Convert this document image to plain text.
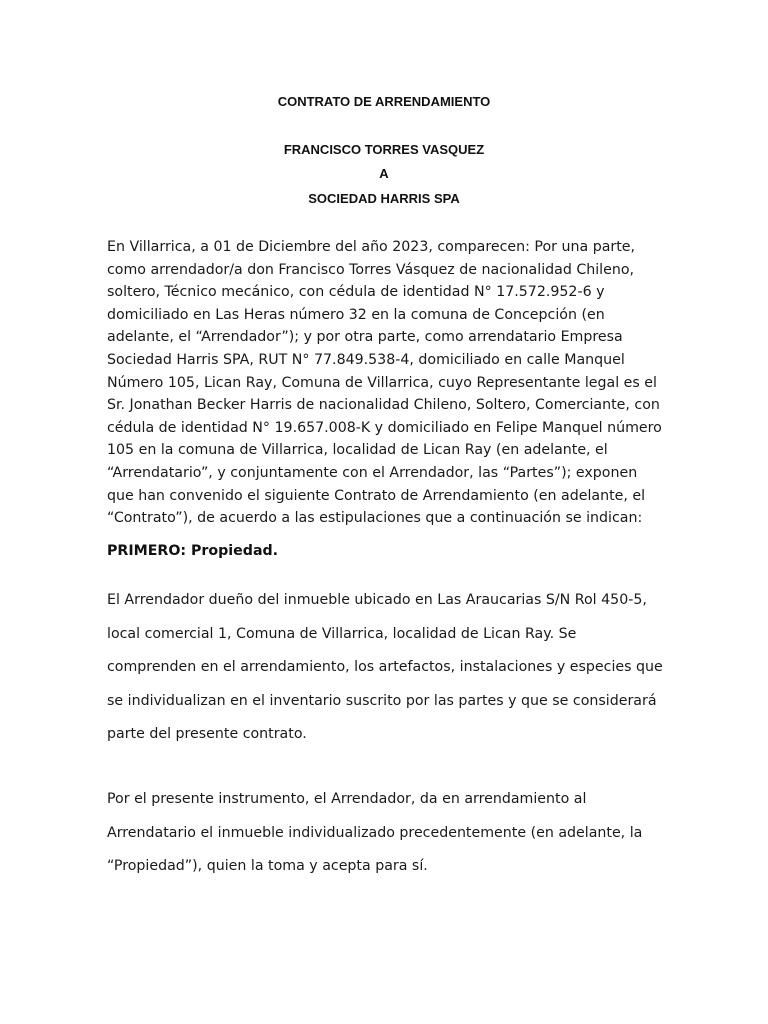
CONTRATO DE ARRENDAMIENTO
FRANCISCO TORRES VASQUEZ
A
SOCIEDAD HARRIS SPA

En Villarrica, a 01 de Diciembre del año 2023, comparecen: Por una parte, como arrendador/a don Francisco Torres Vásquez de nacionalidad Chileno, soltero, Técnico mecánico, con cédula de identidad N° 17.572.952-6 y domiciliado en Las Heras número 32 en la comuna de Concepción (en adelante, el “Arrendador”); y por otra parte, como arrendatario Empresa Sociedad Harris SPA, RUT N° 77.849.538-4, domiciliado en calle Manquel Número 105, Lican Ray, Comuna de Villarrica, cuyo Representante legal es el Sr. Jonathan Becker Harris de nacionalidad Chileno, Soltero, Comerciante, con cédula de identidad N° 19.657.008-K y domiciliado en Felipe Manquel número 105 en la comuna de Villarrica, localidad de Lican Ray (en adelante, el “Arrendatario”, y conjuntamente con el Arrendador, las “Partes”); exponen que han convenido el siguiente Contrato de Arrendamiento (en adelante, el “Contrato”), de acuerdo a las estipulaciones que a continuación se indican:

PRIMERO: Propiedad.

El Arrendador dueño del inmueble ubicado en Las Araucarias S/N Rol 450-5, local comercial 1, Comuna de Villarrica, localidad de Lican Ray. Se comprenden en el arrendamiento, los artefactos, instalaciones y especies que se individualizan en el inventario suscrito por las partes y que se considerará parte del presente contrato.

Por el presente instrumento, el Arrendador, da en arrendamiento al Arrendatario el inmueble individualizado precedentemente (en adelante, la “Propiedad”), quien la toma y acepta para sí.
